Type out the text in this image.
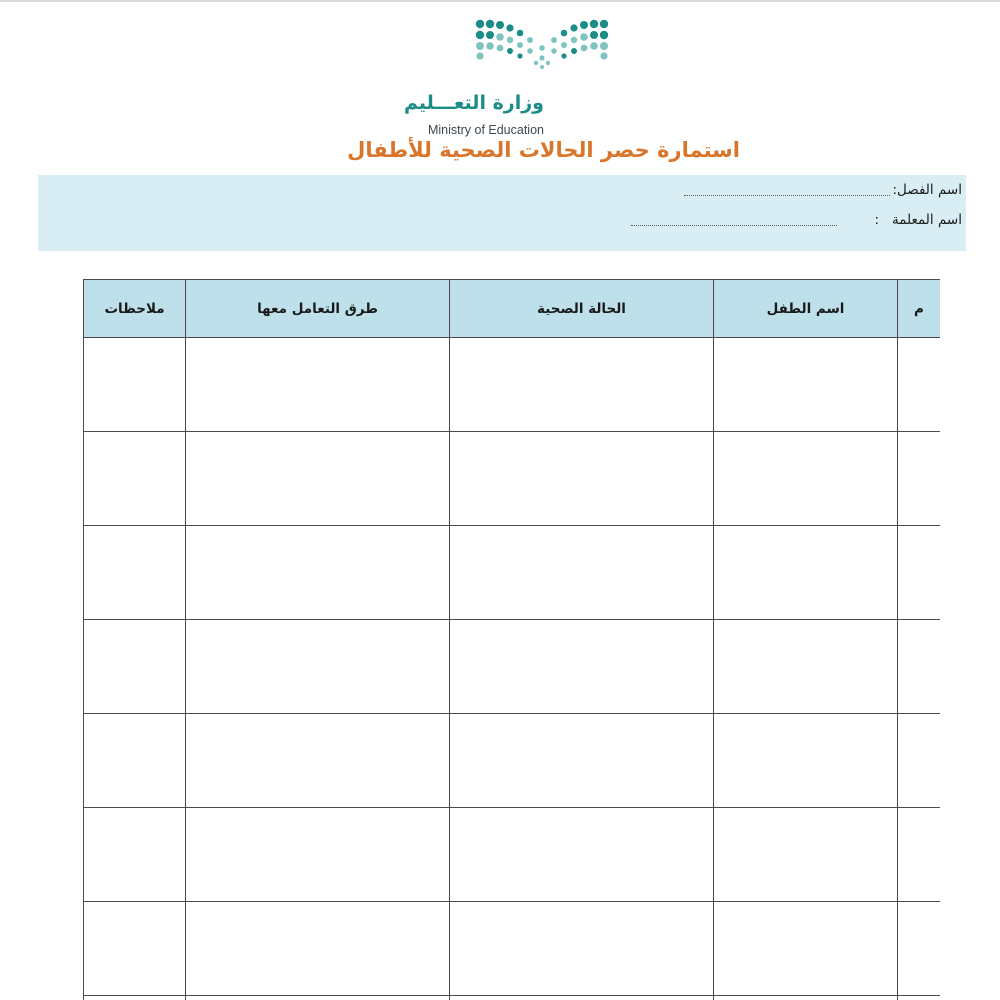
وزارة التعـــليم
Ministry of Education
استمارة حصر الحالات الصحية للأطفال
اسم الفصل:
اسم المعلمة   :
م	اسم الطفل	الحالة الصحية	طرق التعامل معها	ملاحظات
